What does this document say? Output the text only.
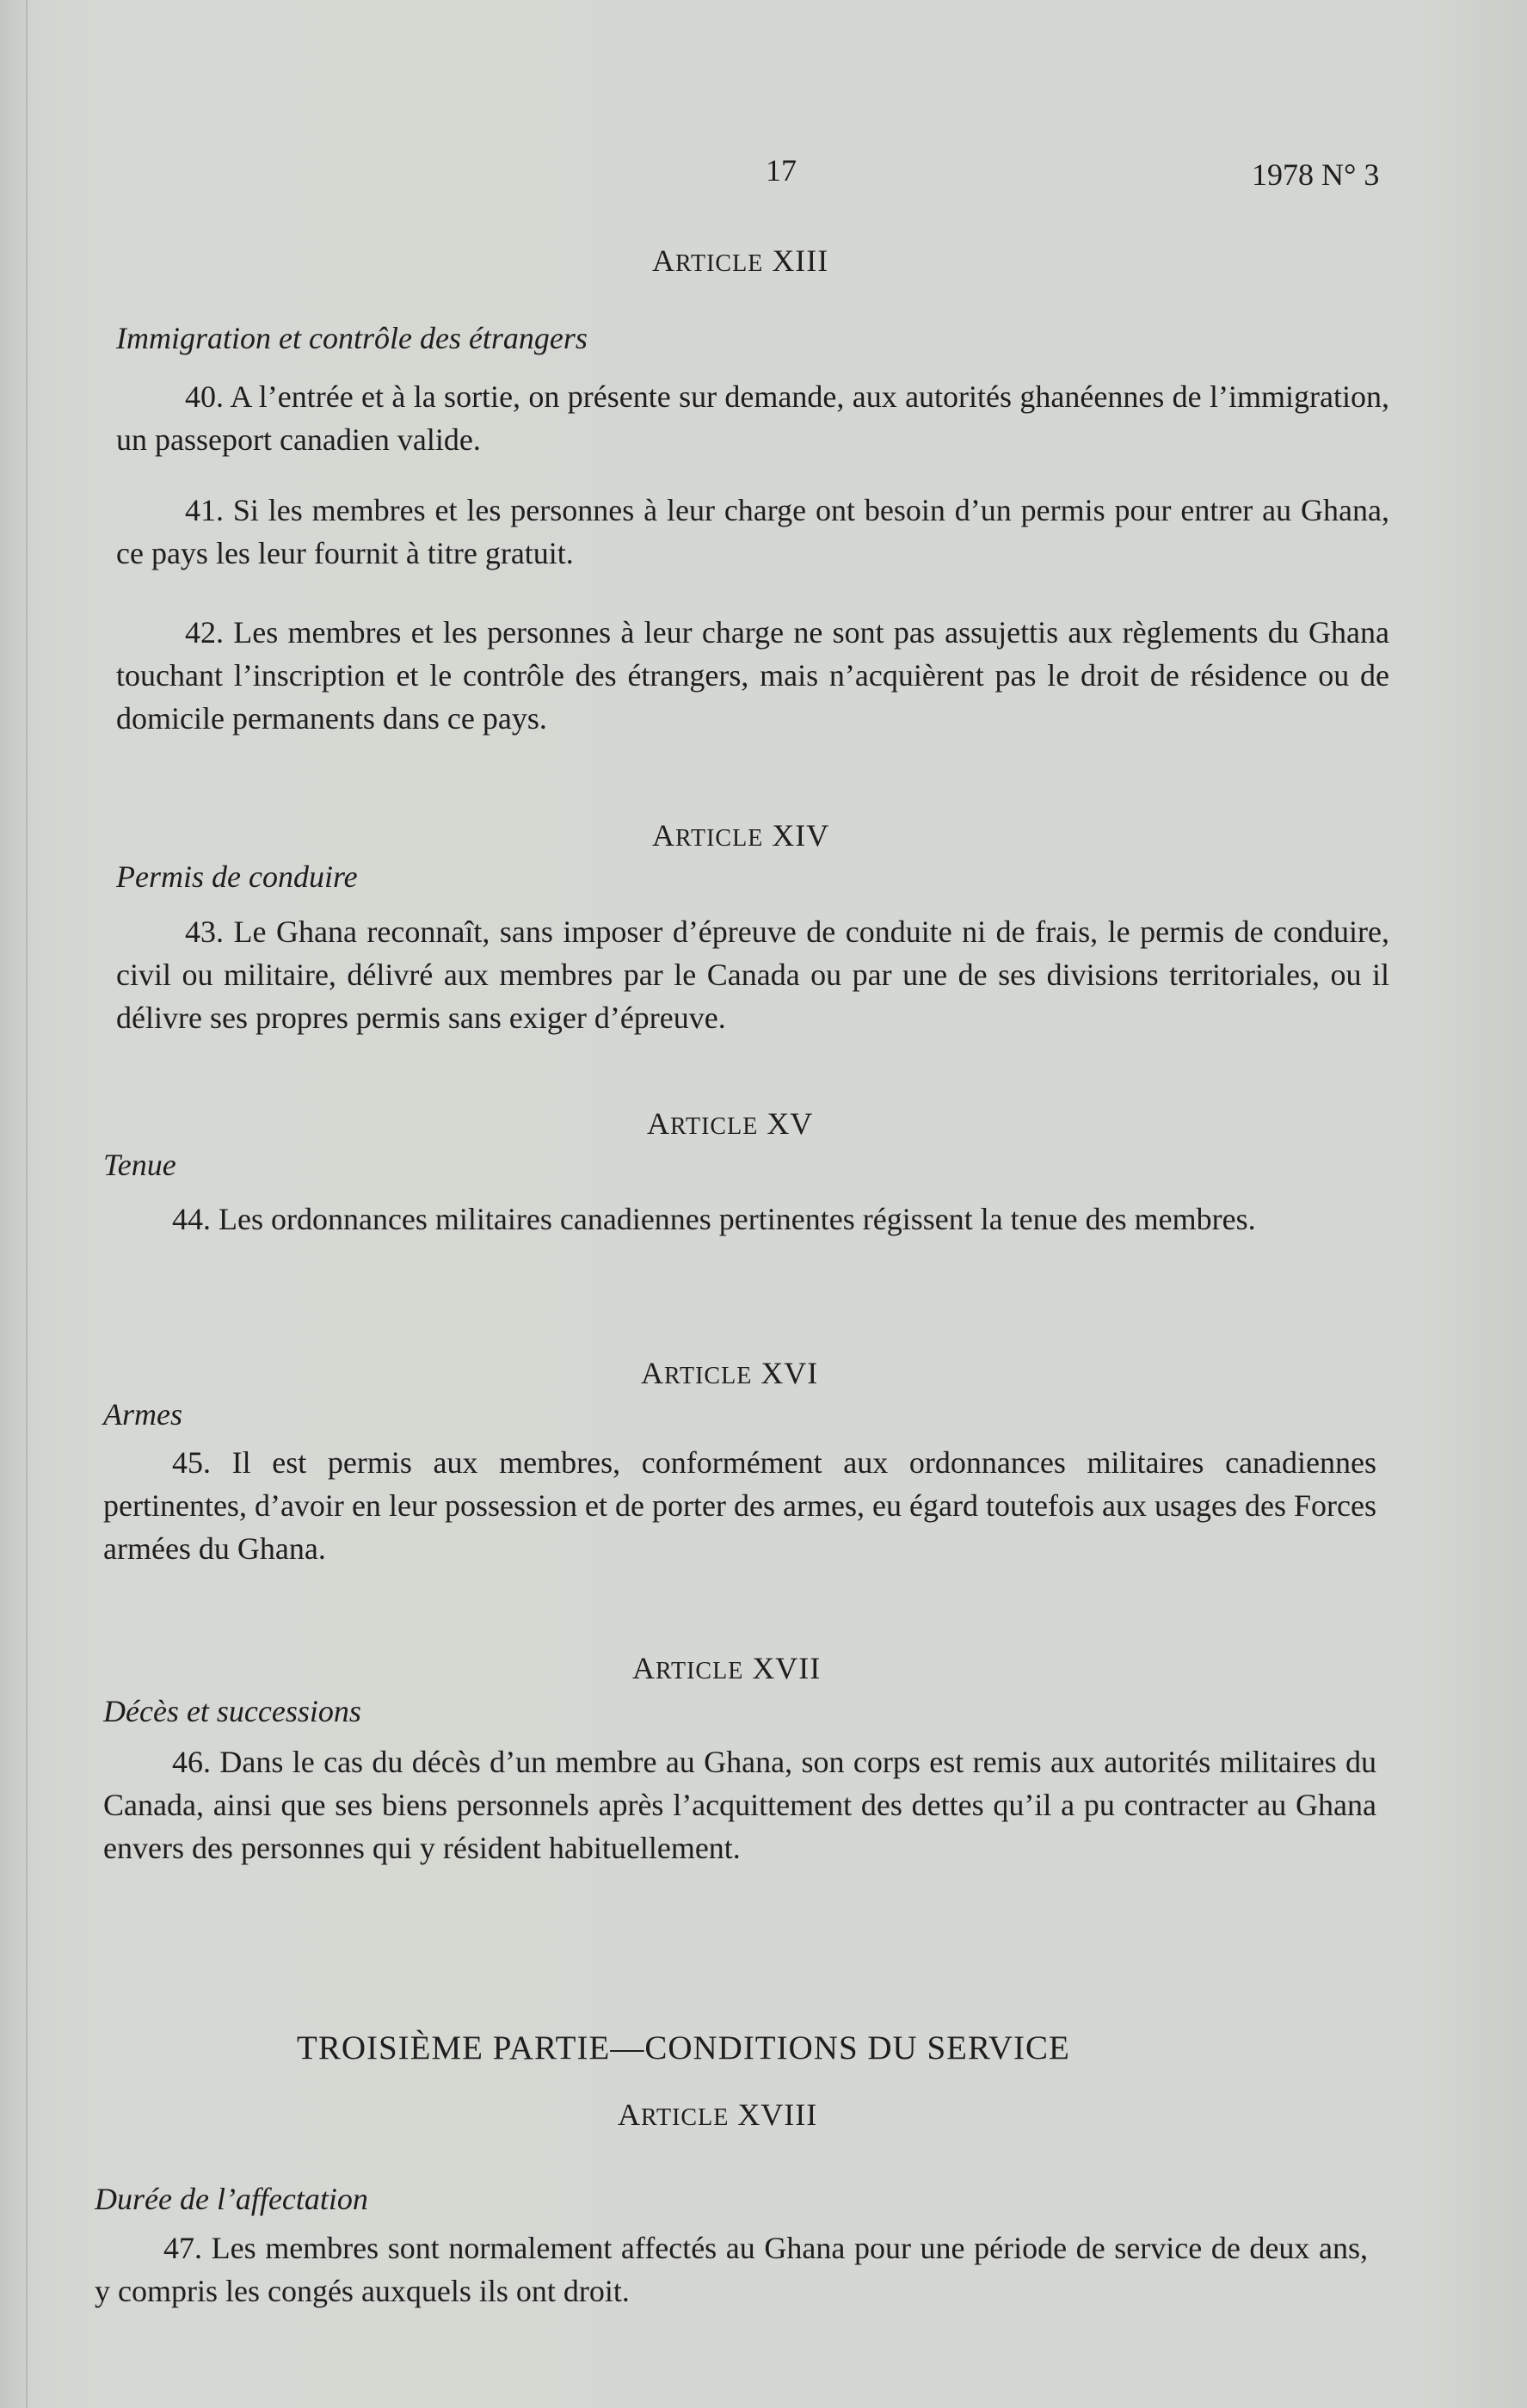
17	1978 N° 3
ARTICLE XIII
Immigration et contrôle des étrangers
40. A l’entrée et à la sortie, on présente sur demande, aux autorités ghanéennes de l’immigration, un passeport canadien valide.
41. Si les membres et les personnes à leur charge ont besoin d’un permis pour entrer au Ghana, ce pays les leur fournit à titre gratuit.
42. Les membres et les personnes à leur charge ne sont pas assujettis aux règlements du Ghana touchant l’inscription et le contrôle des étrangers, mais n’acquièrent pas le droit de résidence ou de domicile permanents dans ce pays.
ARTICLE XIV
Permis de conduire
43. Le Ghana reconnaît, sans imposer d’épreuve de conduite ni de frais, le permis de conduire, civil ou militaire, délivré aux membres par le Canada ou par une de ses divisions territoriales, ou il délivre ses propres permis sans exiger d’épreuve.
ARTICLE XV
Tenue
44. Les ordonnances militaires canadiennes pertinentes régissent la tenue des membres.
ARTICLE XVI
Armes
45. Il est permis aux membres, conformément aux ordonnances militaires canadiennes pertinentes, d’avoir en leur possession et de porter des armes, eu égard toutefois aux usages des Forces armées du Ghana.
ARTICLE XVII
Décès et successions
46. Dans le cas du décès d’un membre au Ghana, son corps est remis aux autorités militaires du Canada, ainsi que ses biens personnels après l’acquittement des dettes qu’il a pu contracter au Ghana envers des personnes qui y résident habituellement.
TROISIÈME PARTIE—CONDITIONS DU SERVICE
ARTICLE XVIII
Durée de l’affectation
47. Les membres sont normalement affectés au Ghana pour une période de service de deux ans, y compris les congés auxquels ils ont droit.
